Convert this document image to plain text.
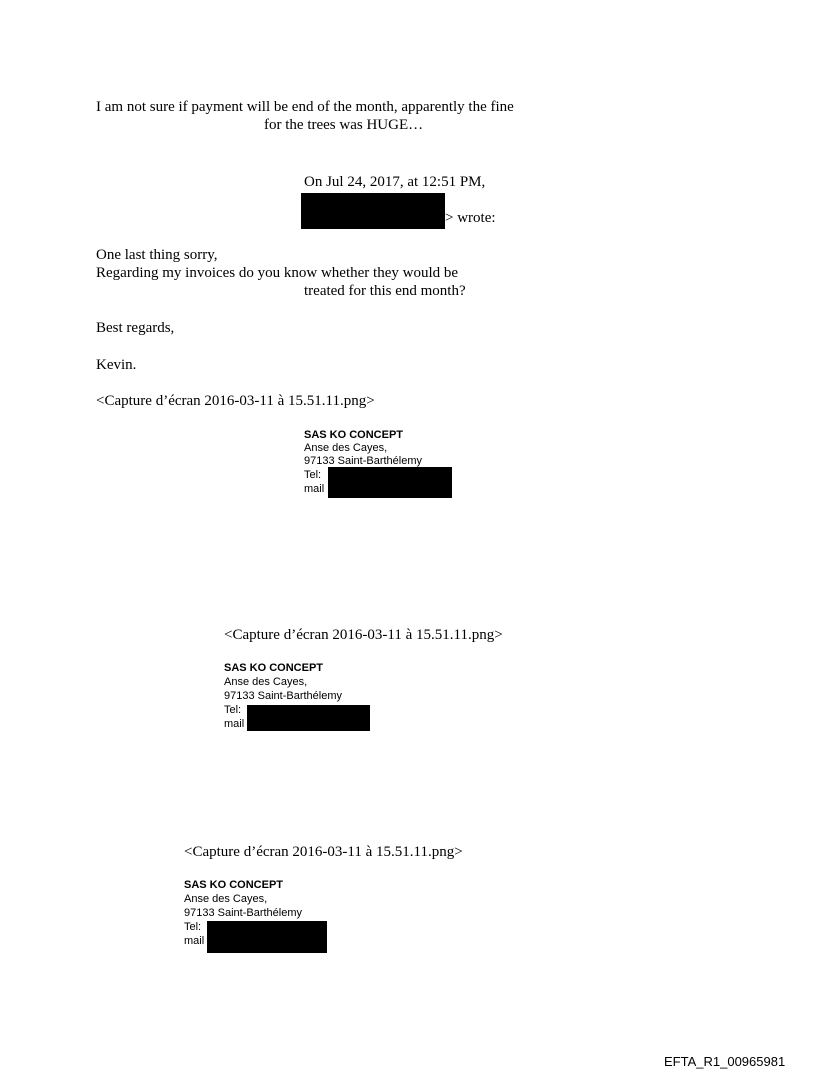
I am not sure if payment will be end of the month, apparently the fine
for the trees was HUGE…
On Jul 24, 2017, at 12:51 PM,
> wrote:
One last thing sorry,
Regarding my invoices do you know whether they would be
treated for this end month?
Best regards,
Kevin.
<Capture d’écran 2016-03-11 à 15.51.11.png>
SAS KO CONCEPT
Anse des Cayes,
97133 Saint-Barthélemy
Tel:
mail
<Capture d’écran 2016-03-11 à 15.51.11.png>
SAS KO CONCEPT
Anse des Cayes,
97133 Saint-Barthélemy
Tel:
mail
<Capture d’écran 2016-03-11 à 15.51.11.png>
SAS KO CONCEPT
Anse des Cayes,
97133 Saint-Barthélemy
Tel:
mail
EFTA_R1_00965981
